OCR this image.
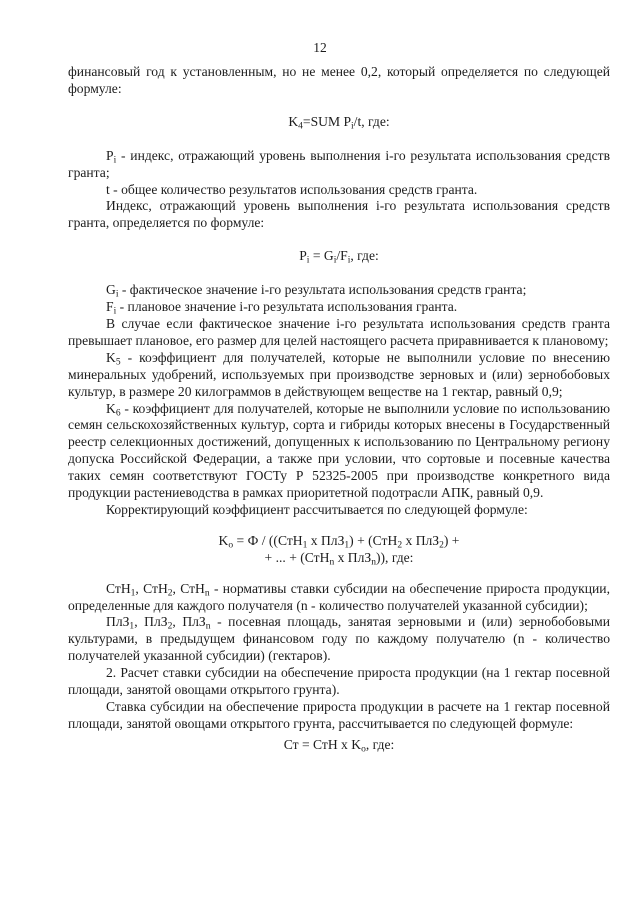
12

финансовый год к установленным, но не менее 0,2, который определяется по следующей формуле:

$K_4=SUM$ $P_i/t$, где:

$P_i$ - индекс, отражающий уровень выполнения i-го результата использования средств гранта;

t - общее количество результатов использования средств гранта.

Индекс, отражающий уровень выполнения i-го результата использования средств гранта, определяется по формуле:

$P_i = G_i/F_i$, где:

$G_i$ - фактическое значение i-го результата использования средств гранта;

$F_i$ - плановое значение i-го результата использования гранта.

В случае если фактическое значение i-го результата использования средств гранта превышает плановое, его размер для целей настоящего расчета приравнивается к плановому;

$K_5$ - коэффициент для получателей, которые не выполнили условие по внесению минеральных удобрений, используемых при производстве зерновых и (или) зернобобовых культур, в размере 20 килограммов в действующем веществе на 1 гектар, равный 0,9;

$K_6$ - коэффициент для получателей, которые не выполнили условие по использованию семян сельскохозяйственных культур, сорта и гибриды которых внесены в Государственный реестр селекционных достижений, допущенных к использованию по Центральному региону допуска Российской Федерации, а также при условии, что сортовые и посевные качества таких семян соответствуют ГОСТу Р 52325-2005 при производстве конкретного вида продукции растениеводства в рамках приоритетной подотрасли АПК, равный 0,9.

Корректирующий коэффициент рассчитывается по следующей формуле:

$K_o = Ф / ((СтН_1$ х ПлЗ$_1$) + (СтН$_2$ х ПлЗ$_2$) +
+ ... + (СтН$_n$ х ПлЗ$_n$)), где:

СтН$_1$, СтН$_2$, СтН$_n$ - нормативы ставки субсидии на обеспечение прироста продукции, определенные для каждого получателя (n - количество получателей указанной субсидии);

ПлЗ$_1$, ПлЗ$_2$, ПлЗ$_n$ - посевная площадь, занятая зерновыми и (или) зернобобовыми культурами, в предыдущем финансовом году по каждому получателю (n - количество получателей указанной субсидии) (гектаров).

2. Расчет ставки субсидии на обеспечение прироста продукции (на 1 гектар посевной площади, занятой овощами открытого грунта).

Ставка субсидии на обеспечение прироста продукции в расчете на 1 гектар посевной площади, занятой овощами открытого грунта, рассчитывается по следующей формуле:

Ст = СтН х $K_o$, где:
